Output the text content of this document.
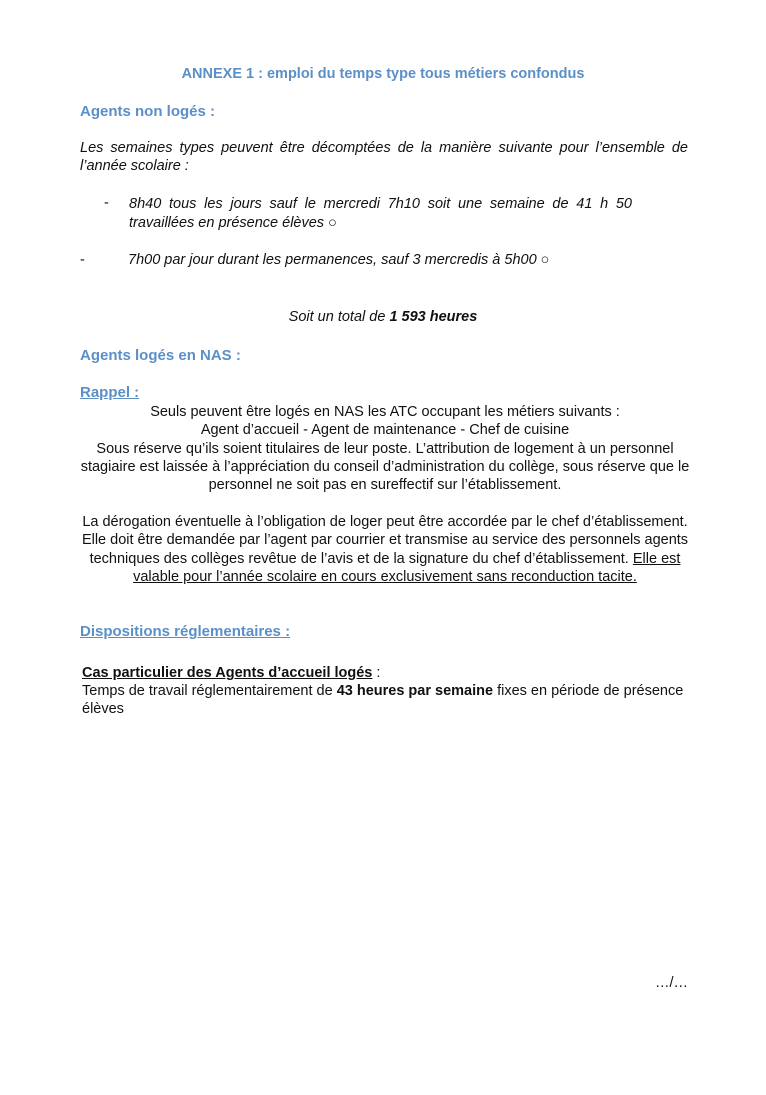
ANNEXE 1 : emploi du temps type tous métiers confondus
Agents non logés :
Les semaines types peuvent être décomptées de la manière suivante pour l’ensemble de l’année scolaire :
- 8h40 tous les jours sauf le mercredi 7h10 soit une semaine de 41 h 50 travaillées en présence élèves ○
-	7h00 par jour durant les permanences, sauf 3 mercredis à 5h00 ○
Soit un total de 1 593 heures
Agents logés en NAS :
Rappel :
Seuls peuvent être logés en NAS les ATC occupant les métiers suivants :
Agent d’accueil - Agent de maintenance - Chef de cuisine
Sous réserve qu’ils soient titulaires de leur poste. L’attribution de logement à un personnel stagiaire est laissée à l’appréciation du conseil d’administration du collège, sous réserve que le personnel ne soit pas en sureffectif sur l’établissement.
La dérogation éventuelle à l’obligation de loger peut être accordée par le chef d’établissement. Elle doit être demandée par l’agent par courrier et transmise au service des personnels agents techniques des collèges revêtue de l’avis et de la signature du chef d’établissement. Elle est valable pour l’année scolaire en cours exclusivement sans reconduction tacite.
Dispositions réglementaires :
Cas particulier des Agents d’accueil logés :
Temps de travail réglementairement de 43 heures par semaine fixes en période de présence élèves
…/…
